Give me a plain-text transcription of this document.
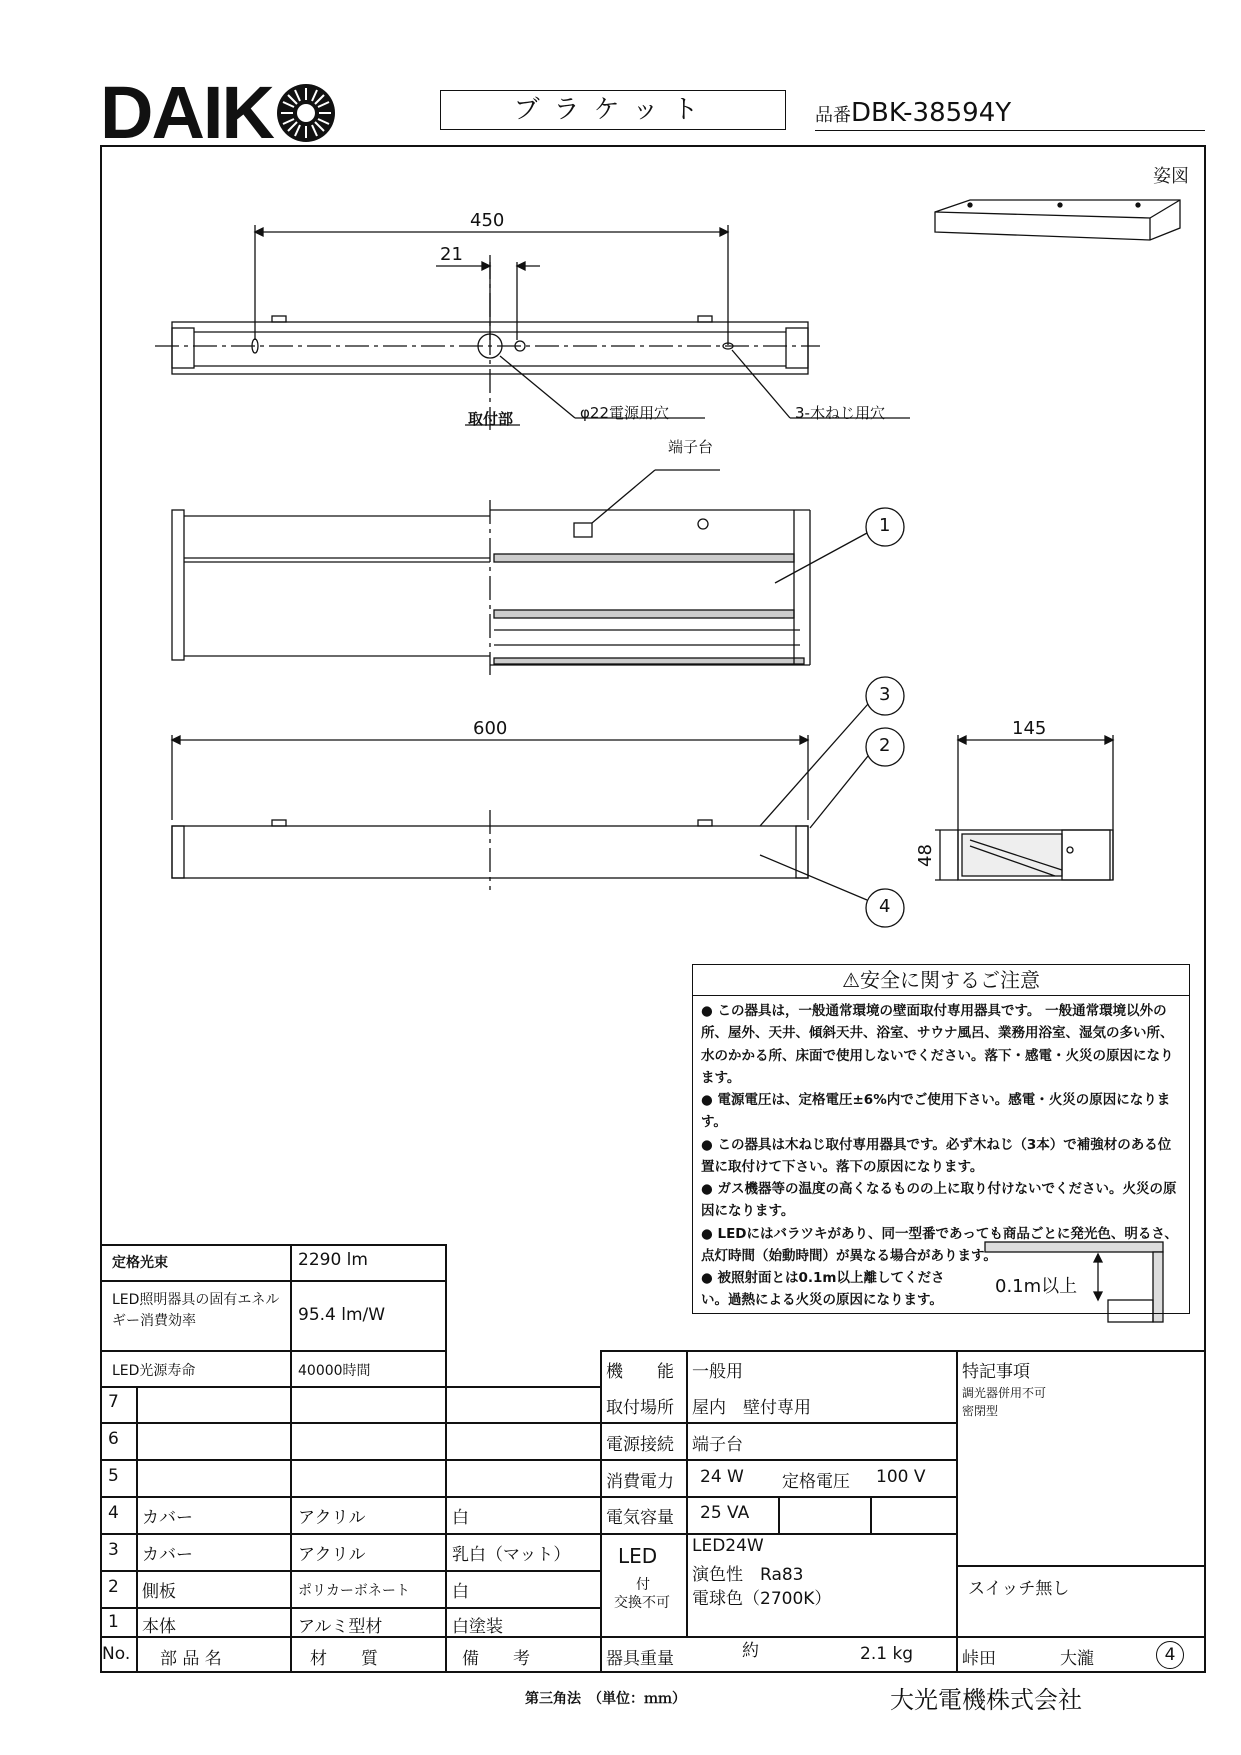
DAIK	ブラケット	品番DBK-38594Y
姿図
450
21
取付部	φ22電源用穴	3-木ねじ用穴
端子台
600	145
48
1
3
2
4
⚠安全に関するご注意
● この器具は，一般通常環境の壁面取付専用器具です。 一般通常環境以外の所、屋外、天井、傾斜天井、浴室、サウナ風呂、業務用浴室、湿気の多い所、水のかかる所、床面で使用しないでください。落下・感電・火災の原因になります。
● 電源電圧は、定格電圧±6%内でご使用下さい。感電・火災の原因になります。
● この器具は木ねじ取付専用器具です。必ず木ねじ（3本）で補強材のある位置に取付けて下さい。落下の原因になります。
● ガス機器等の温度の高くなるものの上に取り付けないでください。火災の原因になります。
● LEDにはバラツキがあり、同一型番であっても商品ごとに発光色、明るさ、点灯時間（始動時間）が異なる場合があります。
● 被照射面とは0.1m以上離してください。過熱による火災の原因になります。
0.1m以上
定格光束	2290 lm
LED照明器具の固有エネルギー消費効率	95.4 lm/W
LED光源寿命	40000時間
7
6
5
4 カバー	アクリル	白
3 カバー	アクリル	乳白（マット）
2 側板	ポリカーボネート 白
1 本体	アルミ型材	白塗装
No. 部 品 名	材　　質	備　　考
機　　能 一般用
取付場所 屋内　壁付専用
電源接続 端子台
消費電力 24 W 定格電圧 100 V
電気容量 25 VA
LED
付
交換不可
LED24W
演色性　Ra83
電球色（2700K）
器具重量	約	2.1 kg
特記事項
調光器併用不可
密閉型
スイッチ無し
峠田	大瀧	4
第三角法　（単位：ｍｍ）	大光電機株式会社
